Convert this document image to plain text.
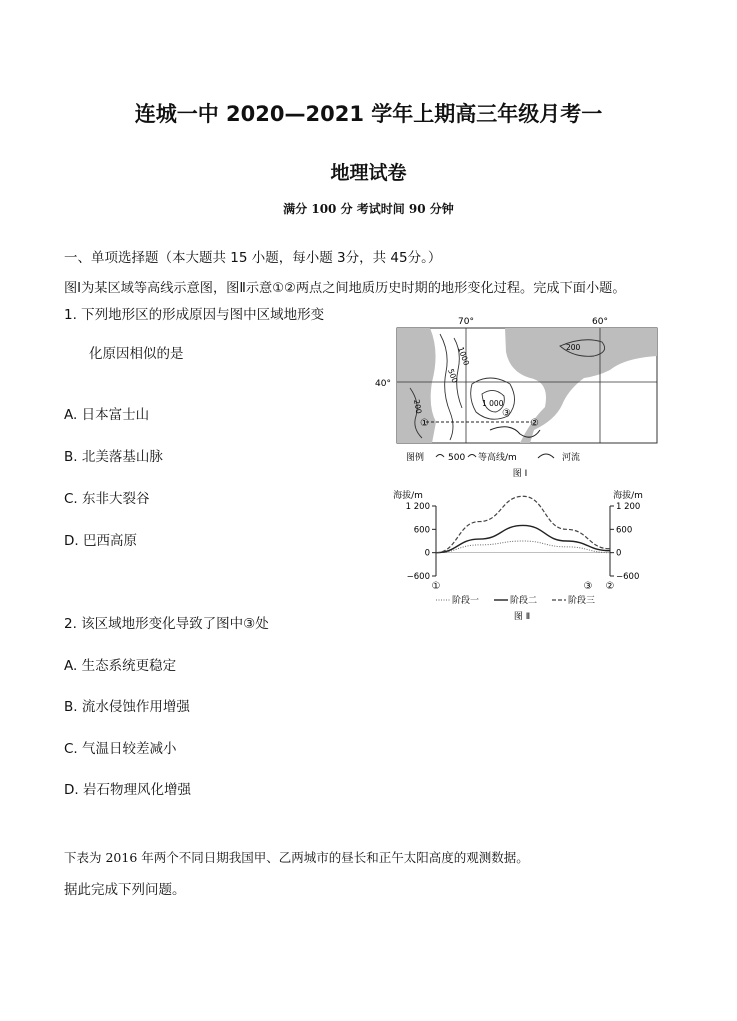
连城一中 2020—2021 学年上期高三年级月考一
地理试卷
满分 100 分 考试时间 90 分钟
一、单项选择题（本大题共 15 小题，每小题 3分，共 45分。）
图Ⅰ为某区域等高线示意图，图Ⅱ示意①②两点之间地质历史时期的地形变化过程。完成下面小题。
1. 下列地形区的形成原因与图中区域地形变
化原因相似的是
A. 日本富士山
B. 北美落基山脉
C. 东非大裂谷
D. 巴西高原
2. 该区域地形变化导致了图中③处
A. 生态系统更稳定
B. 流水侵蚀作用增强
C. 气温日较差减小
D. 岩石物理风化增强
下表为 2016 年两个不同日期我国甲、乙两城市的昼长和正午太阳高度的观测数据。
据此完成下列问题。
70°	60°
40°	500
1000	200
200	1 000
①	②
③
图例	500 等高线/m	河流
图 Ⅰ
海拔/m	海拔/m
1 200	1 200
600	600
0	0
−600	−600
①	③ ②
阶段一	阶段二	阶段三
图 Ⅱ
